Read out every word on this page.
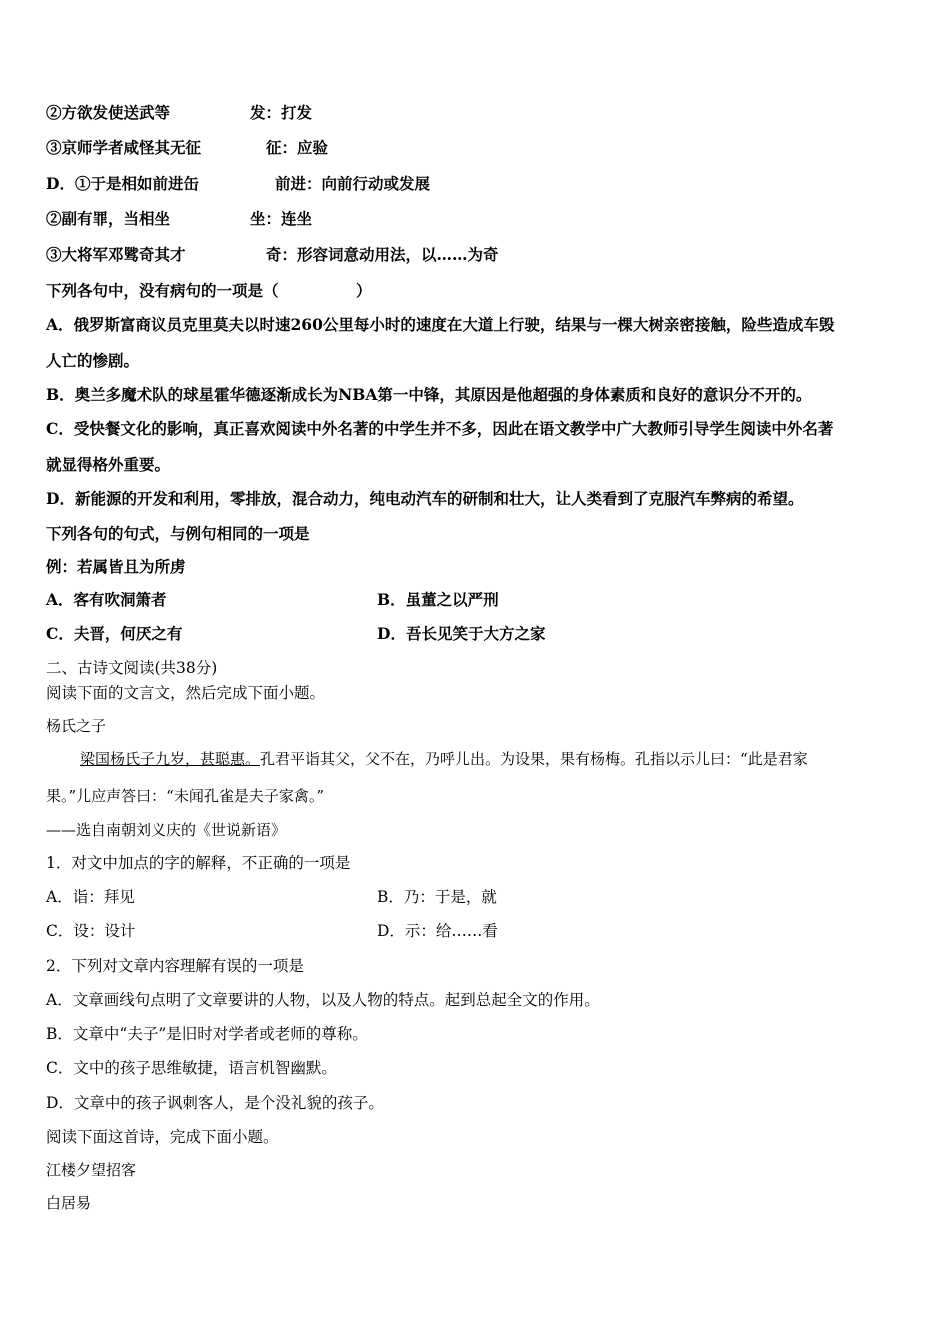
②方欲发使送武等	发：打发
③京师学者咸怪其无征	征：应验
D．①于是相如前进缶	前进：向前行动或发展
②副有罪，当相坐	坐：连坐
③大将军邓骘奇其才	奇：形容词意动用法，以……为奇
下列各句中，没有病句的一项是（　　　　　）
A．俄罗斯富商议员克里莫夫以时速260公里每小时的速度在大道上行驶，结果与一棵大树亲密接触，险些造成车毁
人亡的惨剧。
B．奥兰多魔术队的球星霍华德逐渐成长为NBA第一中锋，其原因是他超强的身体素质和良好的意识分不开的。
C．受快餐文化的影响，真正喜欢阅读中外名著的中学生并不多，因此在语文教学中广大教师引导学生阅读中外名著
就显得格外重要。
D．新能源的开发和利用，零排放，混合动力，纯电动汽车的研制和壮大，让人类看到了克服汽车弊病的希望。
下列各句的句式，与例句相同的一项是
例：若属皆且为所虏
A．客有吹洞箫者	B．虽董之以严刑
C．夫晋，何厌之有	D．吾长见笑于大方之家
二、古诗文阅读(共38分)
阅读下面的文言文，然后完成下面小题。
杨氏之子
梁国杨氏子九岁，甚聪惠。孔君平诣其父，父不在，乃呼儿出。为设果，果有杨梅。孔指以示儿曰：“此是君家
果。”儿应声答曰：“未闻孔雀是夫子家禽。”
——选自南朝刘义庆的《世说新语》
1．对文中加点的字的解释，不正确的一项是
A．诣：拜见	B．乃：于是，就
C．设：设计	D．示：给……看
2．下列对文章内容理解有误的一项是
A．文章画线句点明了文章要讲的人物，以及人物的特点。起到总起全文的作用。
B．文章中“夫子”是旧时对学者或老师的尊称。
C．文中的孩子思维敏捷，语言机智幽默。
D．文章中的孩子讽刺客人，是个没礼貌的孩子。
阅读下面这首诗，完成下面小题。
江楼夕望招客
白居易
